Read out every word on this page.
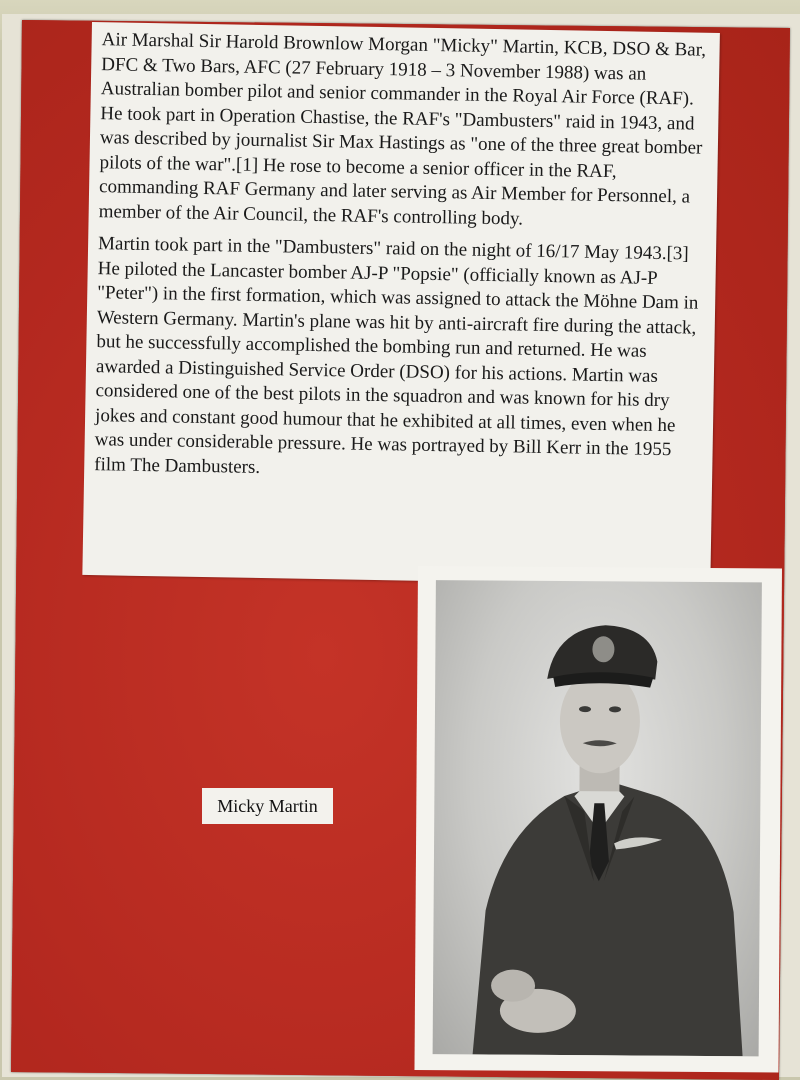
Air Marshal Sir Harold Brownlow Morgan "Micky" Martin, KCB, DSO & Bar, DFC & Two Bars, AFC (27 February 1918 – 3 November 1988) was an Australian bomber pilot and senior commander in the Royal Air Force (RAF). He took part in Operation Chastise, the RAF's "Dambusters" raid in 1943, and was described by journalist Sir Max Hastings as "one of the three great bomber pilots of the war".[1] He rose to become a senior officer in the RAF, commanding RAF Germany and later serving as Air Member for Personnel, a member of the Air Council, the RAF's controlling body.

Martin took part in the "Dambusters" raid on the night of 16/17 May 1943.[3] He piloted the Lancaster bomber AJ-P "Popsie" (officially known as AJ-P "Peter") in the first formation, which was assigned to attack the Möhne Dam in Western Germany. Martin's plane was hit by anti-aircraft fire during the attack, but he successfully accomplished the bombing run and returned. He was awarded a Distinguished Service Order (DSO) for his actions. Martin was considered one of the best pilots in the squadron and was known for his dry jokes and constant good humour that he exhibited at all times, even when he was under considerable pressure. He was portrayed by Bill Kerr in the 1955 film The Dambusters.

Micky Martin
